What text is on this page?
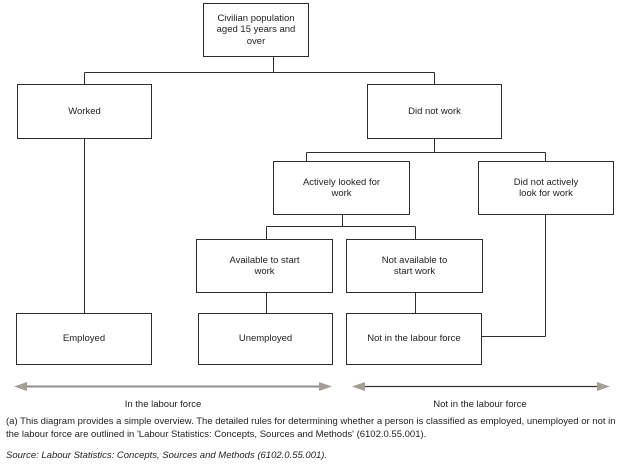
Civilian population aged 15 years and over
Worked	Did not work
Actively looked for work
Did not actively look for work
Available to start work
Not available to start work
Employed	Unemployed	Not in the labour force
In the labour force	Not in the labour force
(a) This diagram provides a simple overview. The detailed rules for determining whether a person is classified as employed, unemployed or not in the labour force are outlined in 'Labour Statistics: Concepts, Sources and Methods' (6102.0.55.001).
Source: Labour Statistics: Concepts, Sources and Methods (6102.0.55.001).
